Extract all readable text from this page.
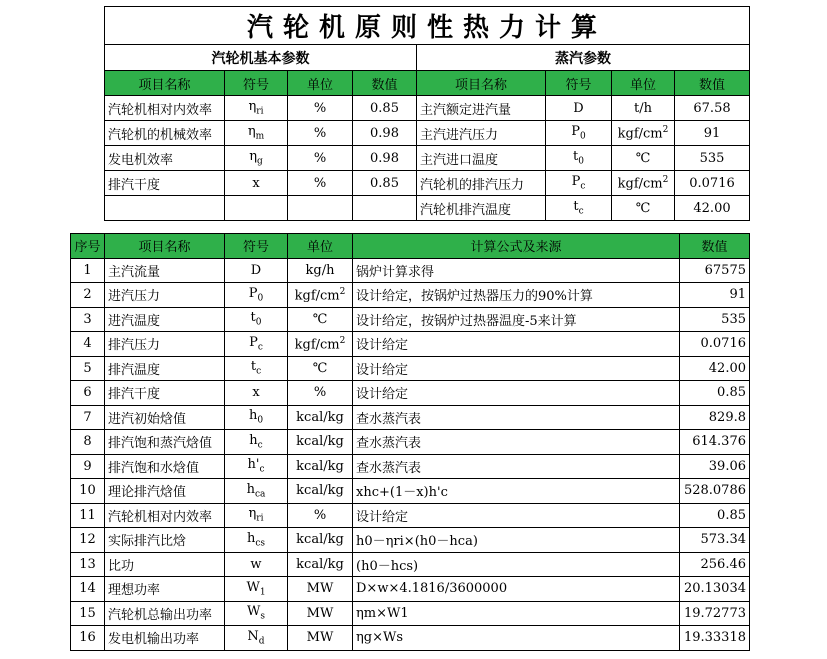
汽轮机原则性热力计算							
汽轮机基本参数				蒸汽参数			
项目名称	符号	单位	数值	项目名称	符号	单位	数值
汽轮机相对内效率	$\eta_{ri}$	%	0.85	主汽额定进汽量	D	t/h	67.58
汽轮机的机械效率	$\eta_m$	%	0.98	主汽进汽压力	$P_0$	kgf/$cm^2$	91
发电机效率	$\eta_g$	%	0.98	主汽进口温度	$t_0$	℃	535
排汽干度	x	%	0.85	汽轮机的排汽压力	$P_c$	kgf/$cm^2$	0.0716
				汽轮机排汽温度	$t_c$	℃	42.00
序号	项目名称	符号	单位	计算公式及来源	数值
1	主汽流量	D	kg/h	锅炉计算求得	67575
2	进汽压力	$P_0$	kgf/$cm^2$	设计给定，按锅炉过热器压力的90%计算	91
3	进汽温度	$t_0$	℃	设计给定，按锅炉过热器温度-5来计算	535
4	排汽压力	$P_c$	kgf/$cm^2$	设计给定	0.0716
5	排汽温度	$t_c$	℃	设计给定	42.00
6	排汽干度	x	%	设计给定	0.85
7	进汽初始焓值	$h_0$	kcal/kg	查水蒸汽表	829.8
8	排汽饱和蒸汽焓值	$h_c$	kcal/kg	查水蒸汽表	614.376
9	排汽饱和水焓值	$h'_c$	kcal/kg	查水蒸汽表	39.06
10	理论排汽焓值	$h_{ca}$	kcal/kg	xhc+(1－x)h'c	528.0786
11	汽轮机相对内效率	$\eta_{ri}$	%	设计给定	0.85
12	实际排汽比焓	$h_{cs}$	kcal/kg	h0－ηri×(h0－hca)	573.34
13	比功	w	kcal/kg	(h0－hcs)	256.46
14	理想功率	$W_1$	MW	D×w×4.1816/3600000	20.13034
15	汽轮机总输出功率	$W_s$	MW	ηm×W1	19.72773
16	发电机输出功率	$N_d$	MW	ηg×Ws	19.33318
